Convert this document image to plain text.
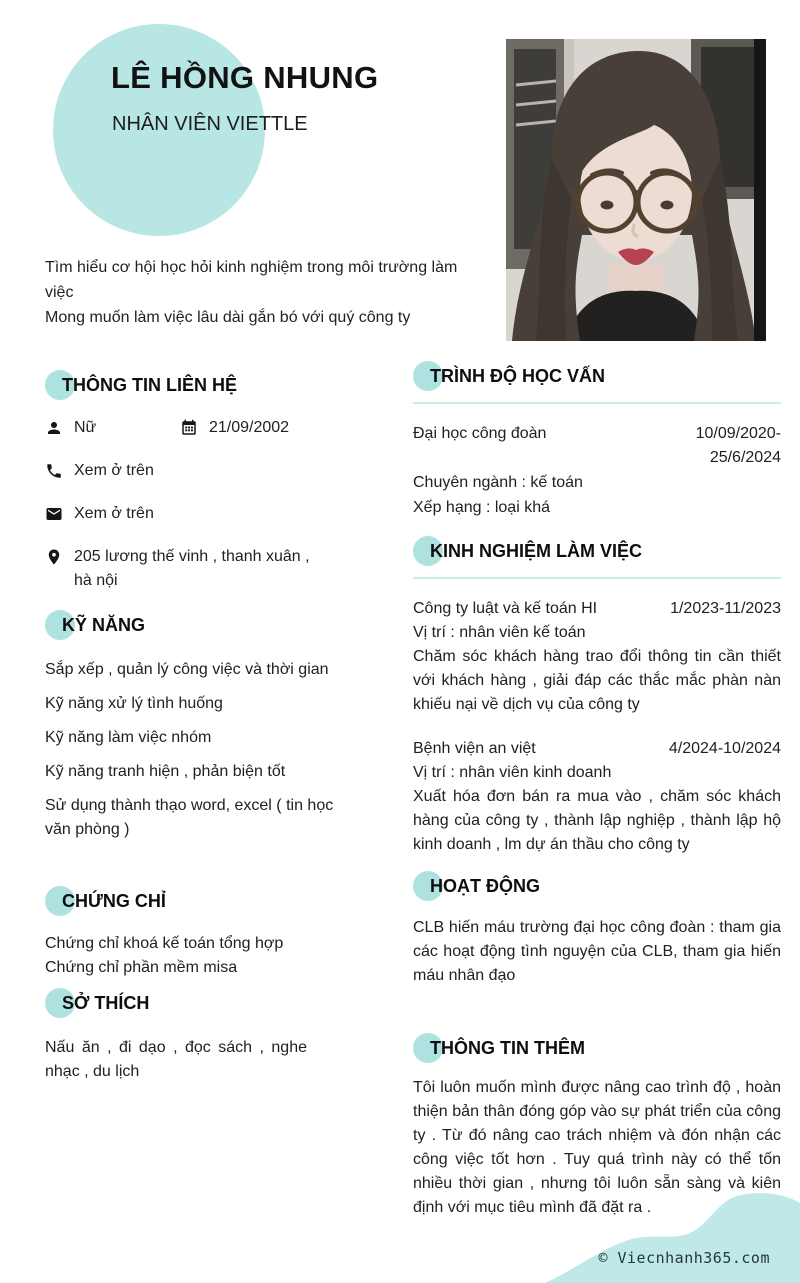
LÊ HỒNG NHUNG
NHÂN VIÊN VIETTLE
Tìm hiểu cơ hội học hỏi kinh nghiệm trong môi trường làm việc
Mong muốn làm việc lâu dài gắn bó với quý công ty
THÔNG TIN LIÊN HỆ
Nữ	21/09/2002
Xem ở trên
Xem ở trên
205 lương thế vinh , thanh xuân , hà nội
KỸ NĂNG
Sắp xếp , quản lý công việc và thời gian
Kỹ năng xử lý tình huống
Kỹ năng làm việc nhóm
Kỹ năng tranh hiện , phản biện tốt
Sử dụng thành thạo word, excel ( tin học văn phòng )
CHỨNG CHỈ
Chứng chỉ khoá kế toán tổng hợp
Chứng chỉ phần mềm misa
SỞ THÍCH
Nấu ăn , đi dạo , đọc sách , nghe nhạc , du lịch
TRÌNH ĐỘ HỌC VẤN
Đại học công đoàn	10/09/2020-25/6/2024
Chuyên ngành : kế toán
Xếp hạng : loại khá
KINH NGHIỆM LÀM VIỆC
Công ty luật và kế toán HI	1/2023-11/2023
Vị trí : nhân viên kế toán
Chăm sóc khách hàng trao đổi thông tin cần thiết với khách hàng , giải đáp các thắc mắc phàn nàn khiếu nại về dịch vụ của công ty
Bệnh viện an việt	4/2024-10/2024
Vị trí : nhân viên kinh doanh
Xuất hóa đơn bán ra mua vào , chăm sóc khách hàng của công ty , thành lập nghiệp , thành lập hộ kinh doanh , lm dự án thầu cho công ty
HOẠT ĐỘNG
CLB hiến máu trường đại học công đoàn : tham gia các hoạt động tình nguyện của CLB, tham gia hiến máu nhân đạo
THÔNG TIN THÊM
Tôi luôn muốn mình được nâng cao trình độ , hoàn thiện bản thân đóng góp vào sự phát triển của công ty . Từ đó nâng cao trách nhiệm và đón nhận các công việc tốt hơn . Tuy quá trình này có thể tốn nhiều thời gian , nhưng tôi luôn sẵn sàng và kiên định với mục tiêu mình đã đặt ra .
© Viecnhanh365.com
